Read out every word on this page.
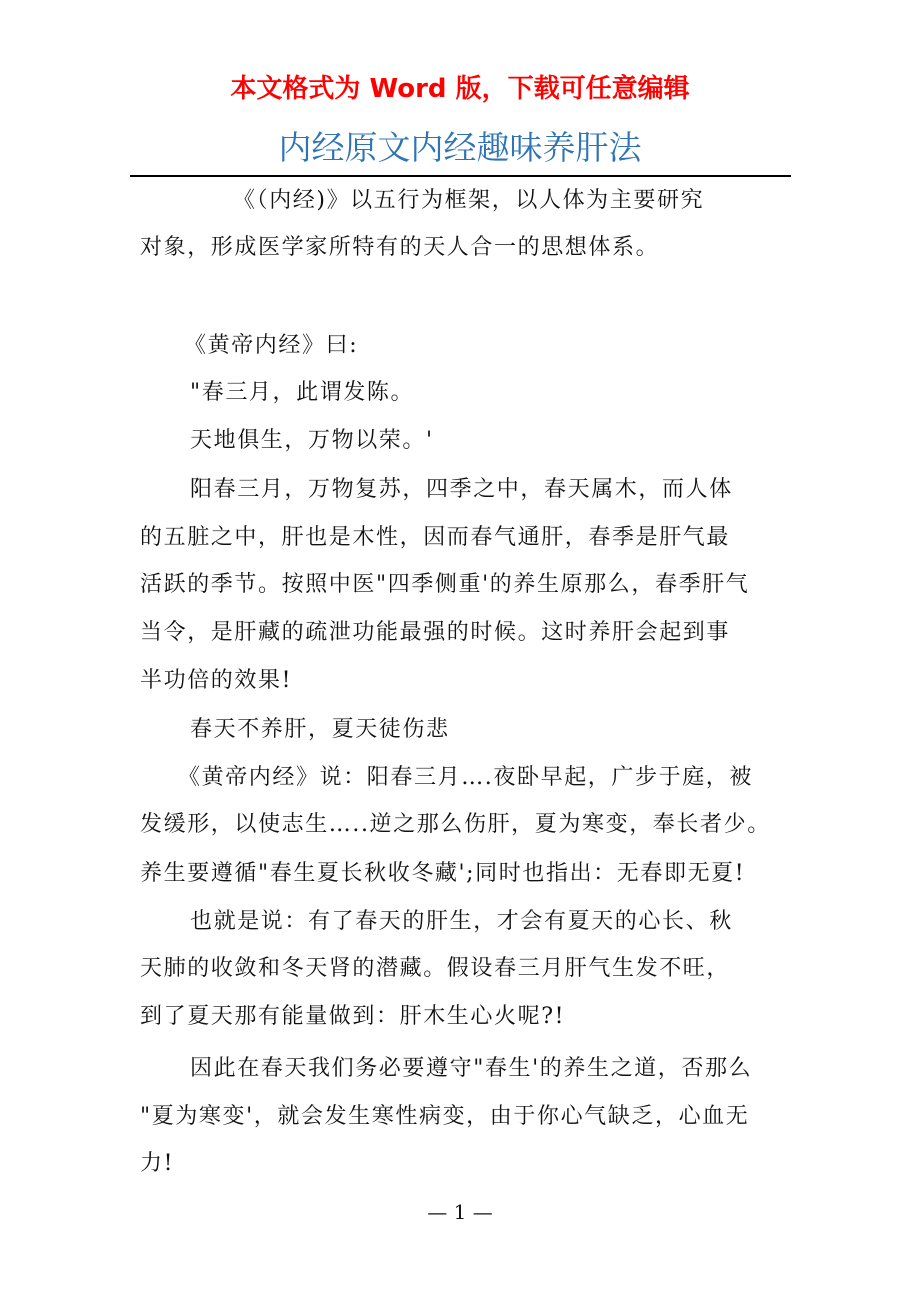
本文格式为 Word 版，下载可任意编辑
内经原文内经趣味养肝法
《（内经)》以五行为框架，以人体为主要研究
对象，形成医学家所特有的天人合一的思想体系。
《黄帝内经》曰:
"春三月，此谓发陈。
天地俱生，万物以荣。'
阳春三月，万物复苏，四季之中，春天属木，而人体
的五脏之中，肝也是木性，因而春气通肝，春季是肝气最
活跃的季节。按照中医"四季侧重'的养生原那么，春季肝气
当令，是肝藏的疏泄功能最强的时候。这时养肝会起到事
半功倍的效果!
春天不养肝，夏天徒伤悲
《黄帝内经》说：阳春三月….夜卧早起，广步于庭，被
发缓形，以使志生…..逆之那么伤肝，夏为寒变，奉长者少。
养生要遵循"春生夏长秋收冬藏';同时也指出：无春即无夏!
也就是说：有了春天的肝生，才会有夏天的心长、秋
天肺的收敛和冬天肾的潜藏。假设春三月肝气生发不旺，
到了夏天那有能量做到：肝木生心火呢?!
因此在春天我们务必要遵守"春生'的养生之道，否那么
"夏为寒变'，就会发生寒性病变，由于你心气缺乏，心血无
力!
— 1 —
